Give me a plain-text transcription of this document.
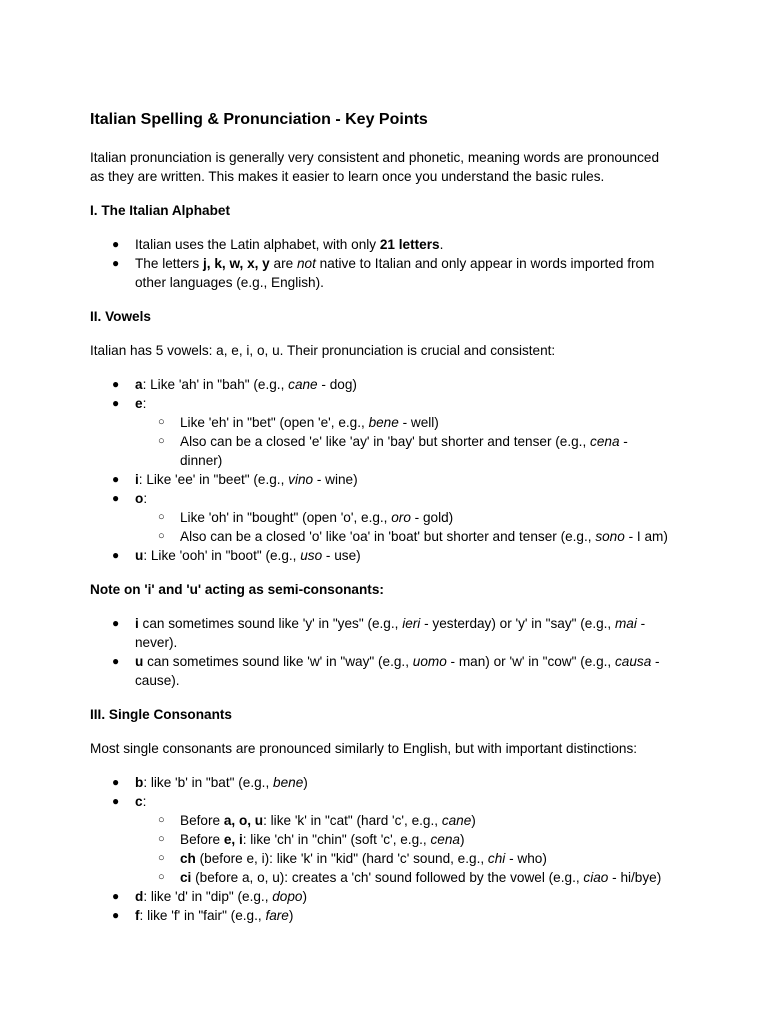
Italian Spelling & Pronunciation - Key Points

Italian pronunciation is generally very consistent and phonetic, meaning words are pronounced
as they are written. This makes it easier to learn once you understand the basic rules.

I. The Italian Alphabet
● Italian uses the Latin alphabet, with only 21 letters.
● The letters j, k, w, x, y are not native to Italian and only appear in words imported from
other languages (e.g., English).
II. Vowels

Italian has 5 vowels: a, e, i, o, u. Their pronunciation is crucial and consistent:

● a: Like 'ah' in "bah" (e.g., cane - dog)
● e:
○ Like 'eh' in "bet" (open 'e', e.g., bene - well)
○ Also can be a closed 'e' like 'ay' in 'bay' but shorter and tenser (e.g., cena -
dinner)
● i: Like 'ee' in "beet" (e.g., vino - wine)
● o:
○ Like 'oh' in "bought" (open 'o', e.g., oro - gold)
○ Also can be a closed 'o' like 'oa' in 'boat' but shorter and tenser (e.g., sono - I am)
● u: Like 'ooh' in "boot" (e.g., uso - use)
Note on 'i' and 'u' acting as semi-consonants:
● i can sometimes sound like 'y' in "yes" (e.g., ieri - yesterday) or 'y' in "say" (e.g., mai -
never).
● u can sometimes sound like 'w' in "way" (e.g., uomo - man) or 'w' in "cow" (e.g., causa -
cause).
III. Single Consonants

Most single consonants are pronounced similarly to English, but with important distinctions:

● b: like 'b' in "bat" (e.g., bene)
● c:
○ Before a, o, u: like 'k' in "cat" (hard 'c', e.g., cane)
○ Before e, i: like 'ch' in "chin" (soft 'c', e.g., cena)
○ ch (before e, i): like 'k' in "kid" (hard 'c' sound, e.g., chi - who)
○ ci (before a, o, u): creates a 'ch' sound followed by the vowel (e.g., ciao - hi/bye)
● d: like 'd' in "dip" (e.g., dopo)
● f: like 'f' in "fair" (e.g., fare)
